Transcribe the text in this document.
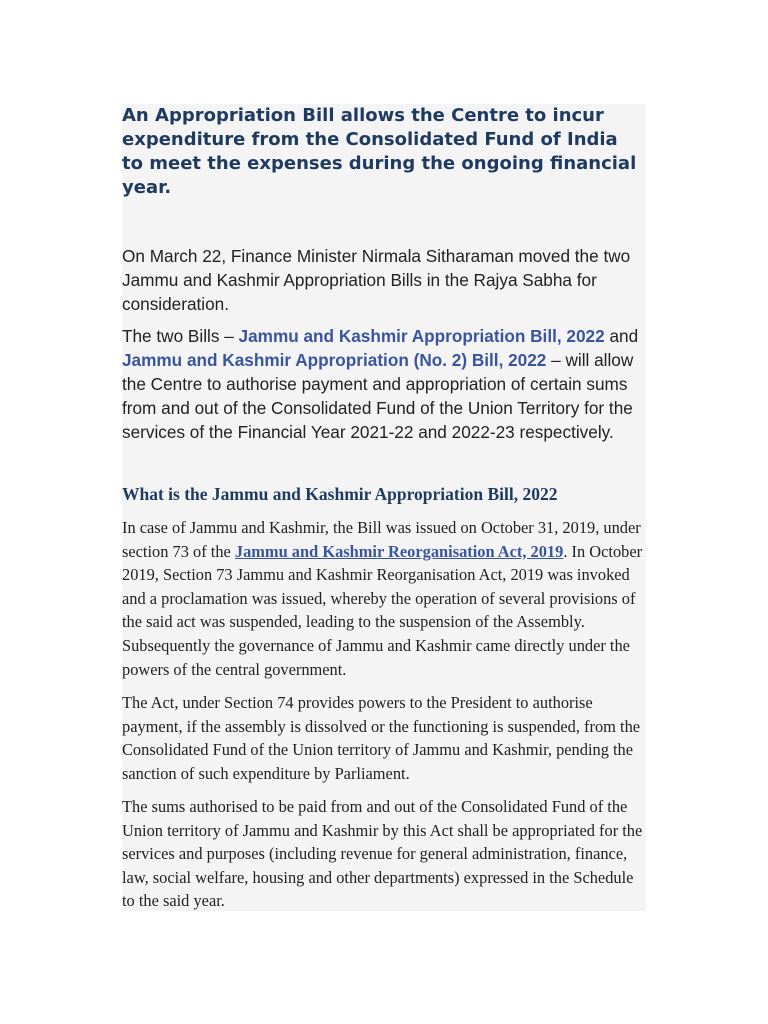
An Appropriation Bill allows the Centre to incur expenditure from the Consolidated Fund of India to meet the expenses during the ongoing financial year.

On March 22, Finance Minister Nirmala Sitharaman moved the two Jammu and Kashmir Appropriation Bills in the Rajya Sabha for consideration.

The two Bills – Jammu and Kashmir Appropriation Bill, 2022 and Jammu and Kashmir Appropriation (No. 2) Bill, 2022 – will allow the Centre to authorise payment and appropriation of certain sums from and out of the Consolidated Fund of the Union Territory for the services of the Financial Year 2021-22 and 2022-23 respectively.

What is the Jammu and Kashmir Appropriation Bill, 2022

In case of Jammu and Kashmir, the Bill was issued on October 31, 2019, under section 73 of the Jammu and Kashmir Reorganisation Act, 2019. In October 2019, Section 73 Jammu and Kashmir Reorganisation Act, 2019 was invoked and a proclamation was issued, whereby the operation of several provisions of the said act was suspended, leading to the suspension of the Assembly. Subsequently the governance of Jammu and Kashmir came directly under the powers of the central government.

The Act, under Section 74 provides powers to the President to authorise payment, if the assembly is dissolved or the functioning is suspended, from the Consolidated Fund of the Union territory of Jammu and Kashmir, pending the sanction of such expenditure by Parliament.

The sums authorised to be paid from and out of the Consolidated Fund of the Union territory of Jammu and Kashmir by this Act shall be appropriated for the services and purposes (including revenue for general administration, finance, law, social welfare, housing and other departments) expressed in the Schedule to the said year.
